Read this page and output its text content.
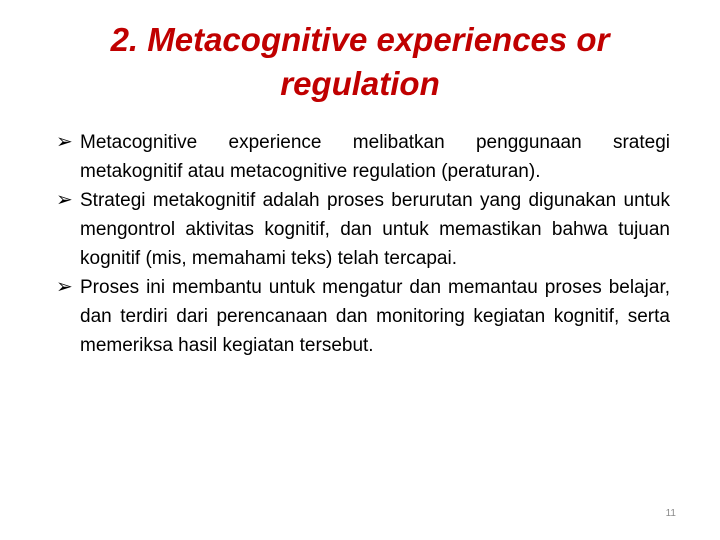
2. Metacognitive experiences or
regulation
➢ Metacognitive experience melibatkan penggunaan srategi metakognitif atau metacognitive regulation (peraturan).
➢ Strategi metakognitif adalah proses berurutan yang digunakan untuk mengontrol aktivitas kognitif, dan untuk memastikan bahwa tujuan kognitif (mis, memahami teks) telah tercapai.
➢ Proses ini membantu untuk mengatur dan memantau proses belajar, dan terdiri dari perencanaan dan monitoring kegiatan kognitif, serta memeriksa hasil kegiatan tersebut.
11
